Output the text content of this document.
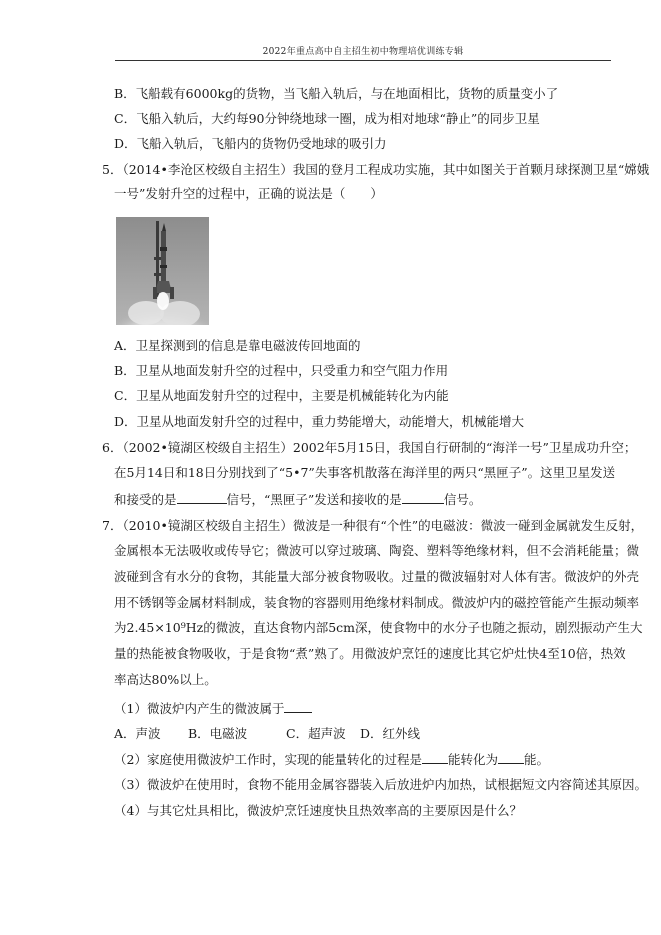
2022年重点高中自主招生初中物理培优训练专辑
B．飞船载有6000kg的货物，当飞船入轨后，与在地面相比，货物的质量变小了
C．飞船入轨后，大约每90分钟绕地球一圈，成为相对地球“静止”的同步卫星
D．飞船入轨后，飞船内的货物仍受地球的吸引力
5．（2014•李沧区校级自主招生）我国的登月工程成功实施，其中如图关于首颗月球探测卫星“嫦娥
一号”发射升空的过程中，正确的说法是（　　）
A．卫星探测到的信息是靠电磁波传回地面的
B．卫星从地面发射升空的过程中，只受重力和空气阻力作用
C．卫星从地面发射升空的过程中，主要是机械能转化为内能
D．卫星从地面发射升空的过程中，重力势能增大，动能增大，机械能增大
6．（2002•镜湖区校级自主招生）2002年5月15日，我国自行研制的“海洋一号”卫星成功升空；
在5月14日和18日分别找到了“5•7”失事客机散落在海洋里的两只“黑匣子”。这里卫星发送
和接受的是	信号，“黑匣子”发送和接收的是	信号。
7．（2010•镜湖区校级自主招生）微波是一种很有“个性”的电磁波：微波一碰到金属就发生反射，
金属根本无法吸收或传导它；微波可以穿过玻璃、陶瓷、塑料等绝缘材料，但不会消耗能量；微
波碰到含有水分的食物，其能量大部分被食物吸收。过量的微波辐射对人体有害。微波炉的外壳
用不锈钢等金属材料制成，装食物的容器则用绝缘材料制成。微波炉内的磁控管能产生振动频率
为2.45×10⁹Hz的微波，直达食物内部5cm深，使食物中的水分子也随之振动，剧烈振动产生大
量的热能被食物吸收，于是食物“煮”熟了。用微波炉烹饪的速度比其它炉灶快4至10倍，热效
率高达80%以上。
（1）微波炉内产生的微波属于
A．声波 B．电磁波	C．超声波 D．红外线
（2）家庭使用微波炉工作时，实现的能量转化的过程是 能转化为 能。
（3）微波炉在使用时，食物不能用金属容器装入后放进炉内加热，试根据短文内容简述其原因。
（4）与其它灶具相比，微波炉烹饪速度快且热效率高的主要原因是什么？
